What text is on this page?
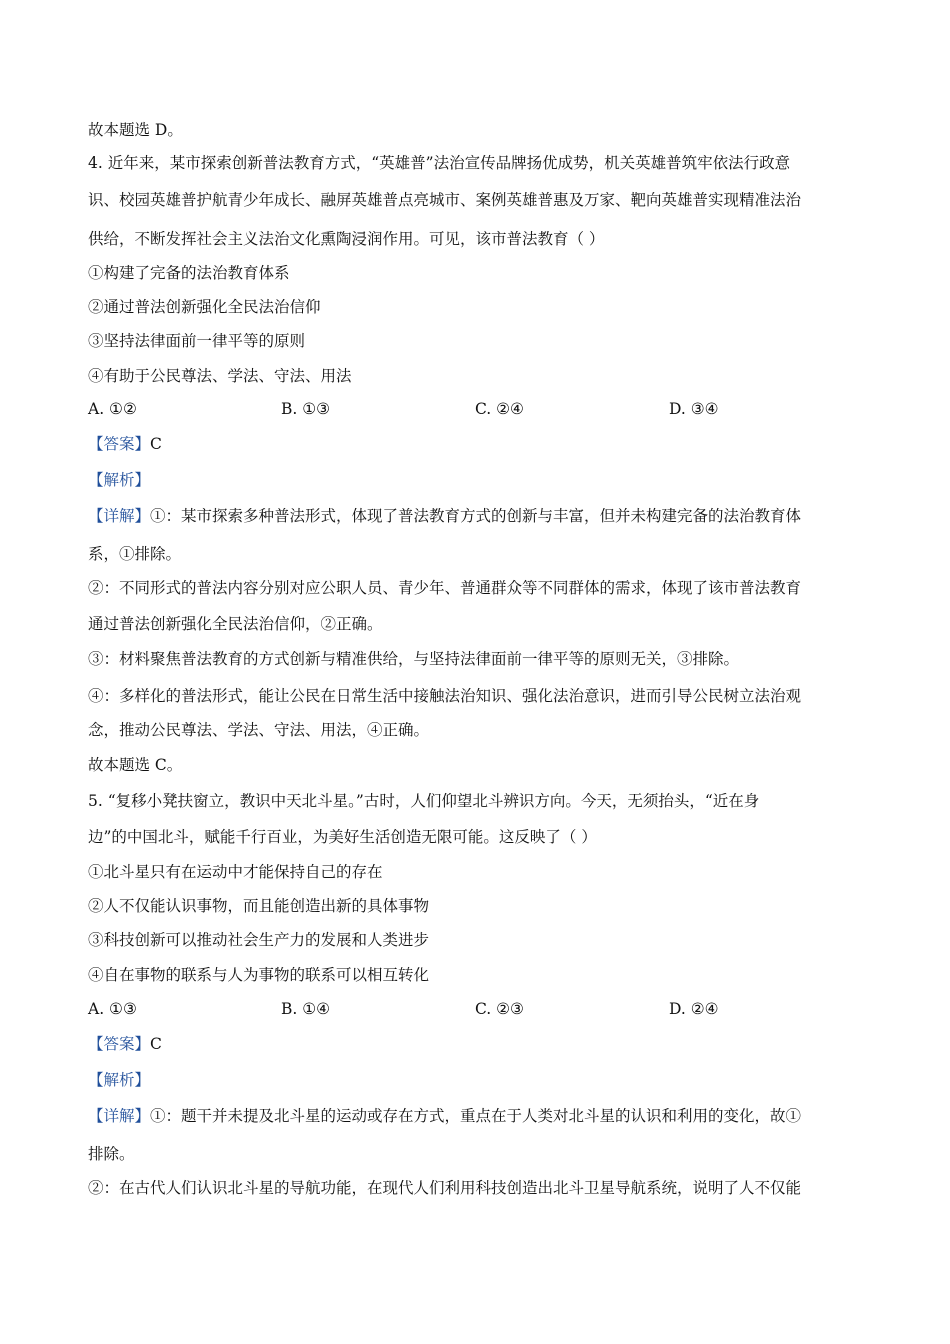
故本题选 D。
4. 近年来，某市探索创新普法教育方式，“英雄普”法治宣传品牌扬优成势，机关英雄普筑牢依法行政意
识、校园英雄普护航青少年成长、融屏英雄普点亮城市、案例英雄普惠及万家、靶向英雄普实现精准法治
供给，不断发挥社会主义法治文化熏陶浸润作用。可见，该市普法教育（ ）
①构建了完备的法治教育体系
②通过普法创新强化全民法治信仰
③坚持法律面前一律平等的原则
④有助于公民尊法、学法、守法、用法
A. ①②	B. ①③	C. ②④	D. ③④
【答案】C
【解析】
【详解】①：某市探索多种普法形式，体现了普法教育方式的创新与丰富，但并未构建完备的法治教育体
系，①排除。
②：不同形式的普法内容分别对应公职人员、青少年、普通群众等不同群体的需求，体现了该市普法教育
通过普法创新强化全民法治信仰，②正确。
③：材料聚焦普法教育的方式创新与精准供给，与坚持法律面前一律平等的原则无关，③排除。
④：多样化的普法形式，能让公民在日常生活中接触法治知识、强化法治意识，进而引导公民树立法治观
念，推动公民尊法、学法、守法、用法，④正确。
故本题选 C。
5. “复移小凳扶窗立，教识中天北斗星。”古时，人们仰望北斗辨识方向。今天，无须抬头，“近在身
边”的中国北斗，赋能千行百业，为美好生活创造无限可能。这反映了（ ）
①北斗星只有在运动中才能保持自己的存在
②人不仅能认识事物，而且能创造出新的具体事物
③科技创新可以推动社会生产力的发展和人类进步
④自在事物的联系与人为事物的联系可以相互转化
A. ①③	B. ①④	C. ②③	D. ②④
【答案】C
【解析】
【详解】①：题干并未提及北斗星的运动或存在方式，重点在于人类对北斗星的认识和利用的变化，故①
排除。
②：在古代人们认识北斗星的导航功能，在现代人们利用科技创造出北斗卫星导航系统，说明了人不仅能
